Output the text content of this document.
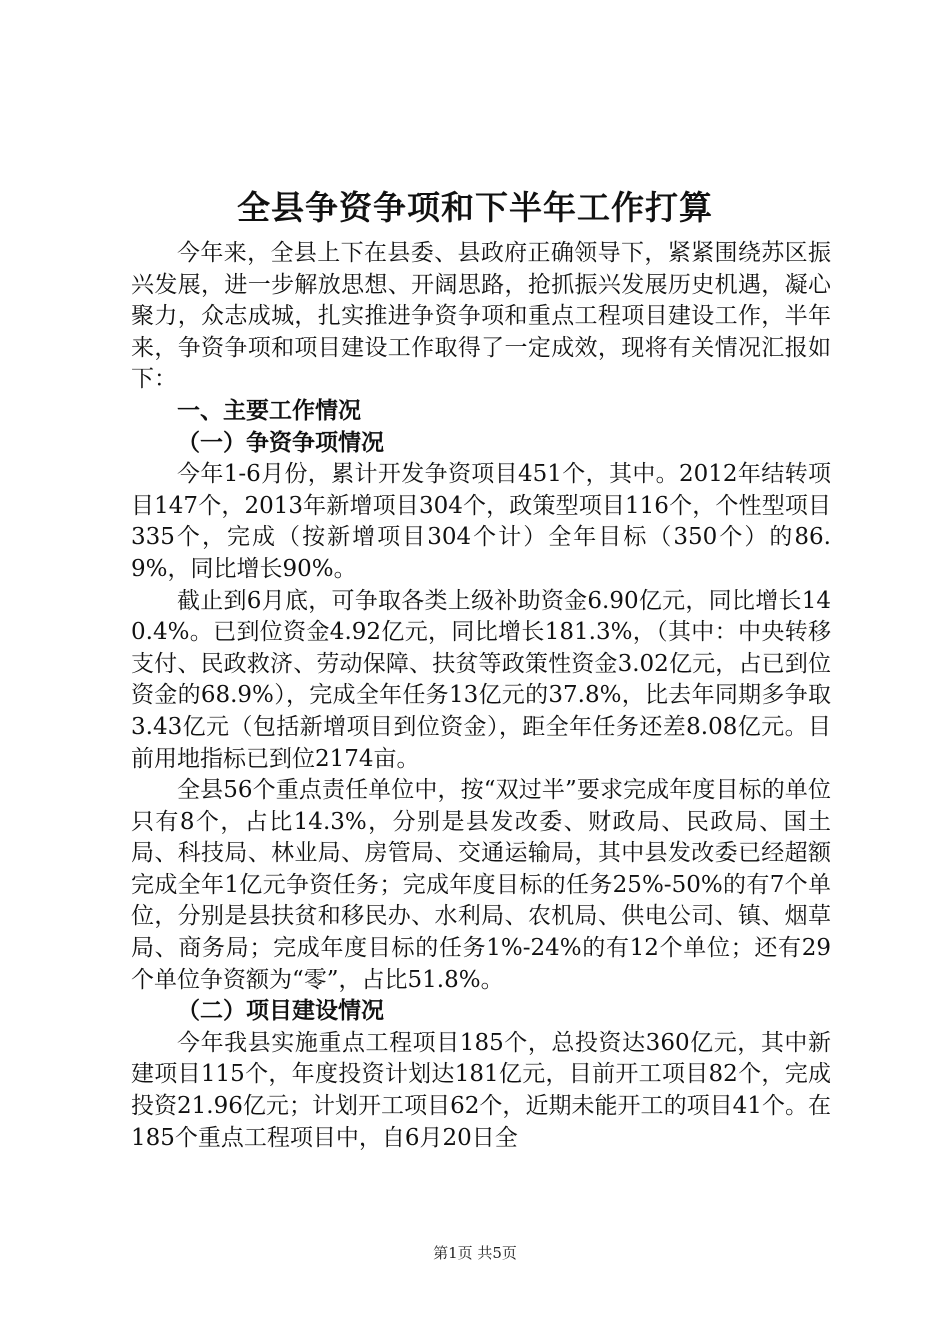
全县争资争项和下半年工作打算

今年来，全县上下在县委、县政府正确领导下，紧紧围绕苏区振兴发展，进一步解放思想、开阔思路，抢抓振兴发展历史机遇，凝心聚力，众志成城，扎实推进争资争项和重点工程项目建设工作，半年来，争资争项和项目建设工作取得了一定成效，现将有关情况汇报如下：

一、主要工作情况

（一）争资争项情况

今年1-6月份，累计开发争资项目451个，其中。2012年结转项目147个，2013年新增项目304个，政策型项目116个，个性型项目335个，完成（按新增项目304个计）全年目标（350个）的86.9%，同比增长90%。

截止到6月底，可争取各类上级补助资金6.90亿元，同比增长140.4%。已到位资金4.92亿元，同比增长181.3%，（其中：中央转移支付、民政救济、劳动保障、扶贫等政策性资金3.02亿元，占已到位资金的68.9%），完成全年任务13亿元的37.8%，比去年同期多争取3.43亿元（包括新增项目到位资金），距全年任务还差8.08亿元。目前用地指标已到位2174亩。

全县56个重点责任单位中，按“双过半”要求完成年度目标的单位只有8个，占比14.3%，分别是县发改委、财政局、民政局、国土局、科技局、林业局、房管局、交通运输局，其中县发改委已经超额完成全年1亿元争资任务；完成年度目标的任务25%-50%的有7个单位，分别是县扶贫和移民办、水利局、农机局、供电公司、镇、烟草局、商务局；完成年度目标的任务1%-24%的有12个单位；还有29个单位争资额为“零”，占比51.8%。

（二）项目建设情况

今年我县实施重点工程项目185个，总投资达360亿元，其中新建项目115个，年度投资计划达181亿元，目前开工项目82个，完成投资21.96亿元；计划开工项目62个，近期未能开工的项目41个。在185个重点工程项目中，自6月20日全

第1页 共5页
